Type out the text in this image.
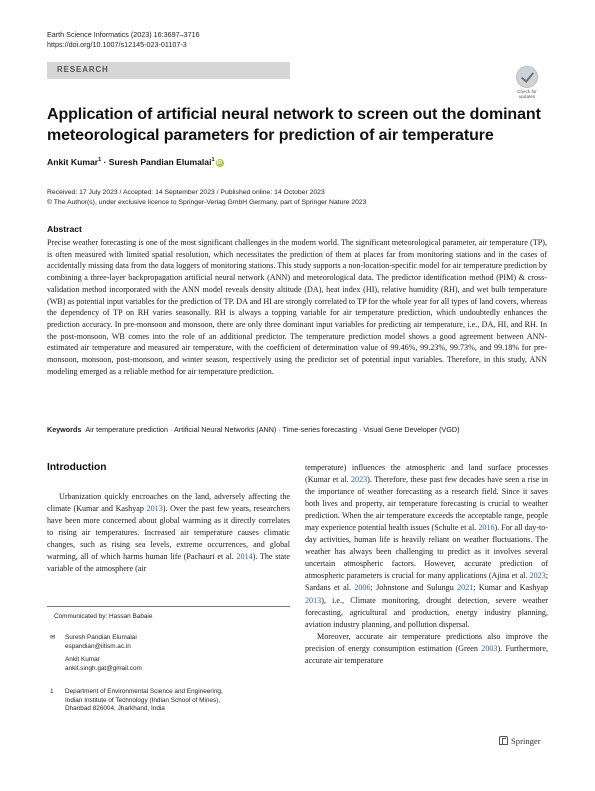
Earth Science Informatics (2023) 16:3697–3716
https://doi.org/10.1007/s12145-023-01107-3
RESEARCH
Check for
updates
Application of artificial neural network to screen out the dominant meteorological parameters for prediction of air temperature
Ankit Kumar$^1$ · Suresh Pandian Elumalai$^1$ iD
Received: 17 July 2023 / Accepted: 14 September 2023 / Published online: 14 October 2023
© The Author(s), under exclusive licence to Springer-Verlag GmbH Germany, part of Springer Nature 2023
Abstract

Precise weather forecasting is one of the most significant challenges in the modern world. The significant meteorological parameter, air temperature (TP), is often measured with limited spatial resolution, which necessitates the prediction of them at places far from monitoring stations and in the cases of accidentally missing data from the data loggers of monitoring stations. This study supports a non-location-specific model for air temperature prediction by combining a three-layer backpropagation artificial neural network (ANN) and meteorological data. The predictor identification method (PIM) & cross-validation method incorporated with the ANN model reveals density altitude (DA), heat index (HI), relative humidity (RH), and wet bulb temperature (WB) as potential input variables for the prediction of TP. DA and HI are strongly correlated to TP for the whole year for all types of land covers, whereas the dependency of TP on RH varies seasonally. RH is always a topping variable for air temperature prediction, which undoubtedly enhances the prediction accuracy. In pre-monsoon and monsoon, there are only three dominant input variables for predicting air temperature, i.e., DA, HI, and RH. In the post-monsoon, WB comes into the role of an additional predictor. The temperature prediction model shows a good agreement between ANN-estimated air temperature and measured air temperature, with the coefficient of determination value of 99.46%, 99.23%, 99.73%, and 99.18% for pre-monsoon, monsoon, post-monsoon, and winter season, respectively using the predictor set of potential input variables. Therefore, in this study, ANN modeling emerged as a reliable method for air temperature prediction.

Keywords Air temperature prediction · Artificial Neural Networks (ANN) · Time-series forecasting · Visual Gene Developer (VGD)
Introduction

Urbanization quickly encroaches on the land, adversely affecting the climate (Kumar and Kashyap 2013). Over the past few years, researchers have been more concerned about global warming as it directly correlates to rising air temperatures. Increased air temperature causes climatic changes, such as rising sea levels, extreme occurrences, and global warming, all of which harms human life (Pachauri et al. 2014). The state variable of the atmosphere (air

Communicated by: Hassan Babaie
✉	Suresh Pandian Elumalai
espandian@iitism.ac.in
Ankit Kumar
ankit.singh.gat@gmail.com
1 Department of Environmental Science and Engineering,
Indian Institute of Technology (Indian School of Mines),
Dhanbad 826004, Jharkhand, India

temperature) influences the atmospheric and land surface processes (Kumar et al. 2023). Therefore, these past few decades have seen a rise in the importance of weather forecasting as a research field. Since it saves both lives and property, air temperature forecasting is crucial to weather prediction. When the air temperature exceeds the acceptable range, people may experience potential health issues (Schulte et al. 2016). For all day-to-day activities, human life is heavily reliant on weather fluctuations. The weather has always been challenging to predict as it involves several uncertain atmospheric factors. However, accurate prediction of atmospheric parameters is crucial for many applications (Ajina et al. 2023; Sardans et al. 2006; Johnstone and Sulungu 2021; Kumar and Kashyap 2013), i.e., Climate monitoring, drought detection, severe weather forecasting, agricultural and production, energy industry planning, aviation industry planning, and pollution dispersal.

Moreover, accurate air temperature predictions also improve the precision of energy consumption estimation (Green 2003). Furthermore, accurate air temperature

Springer
